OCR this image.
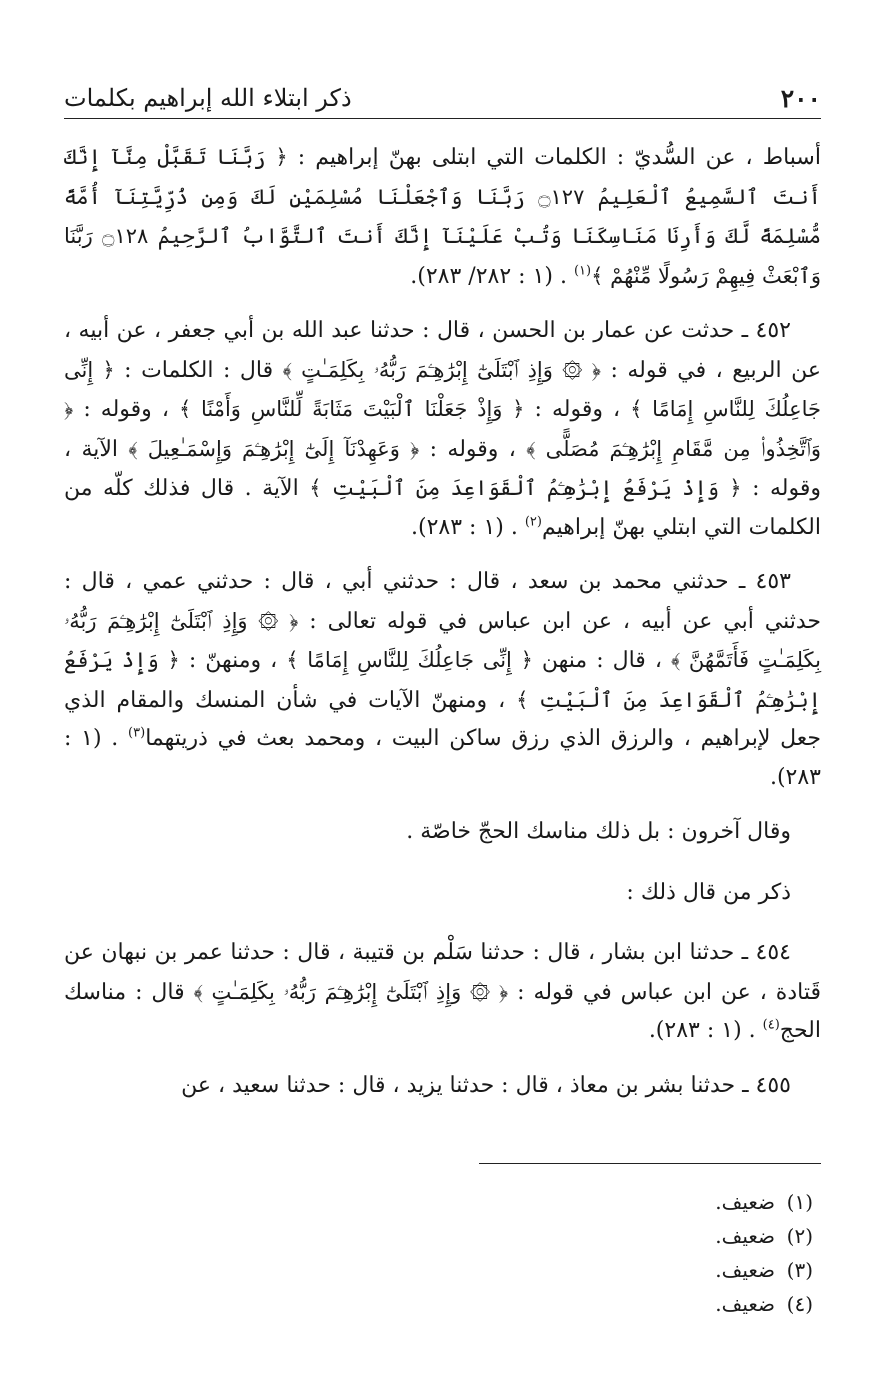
٢٠٠
ذكر ابتلاء الله إبراهيم بكلمات

أسباط ، عن السُّديّ : الكلمات التي ابتلى بهنّ إبراهيم : ﴿ رَبَّنَا تَقَبَّلْ مِنَّآ إِنَّكَ أَنتَ ٱلسَّمِيعُ ٱلْعَلِيمُ ۝١٢٧ رَبَّنَا وَٱجْعَلْنَا مُسْلِمَيْنِ لَكَ وَمِن ذُرِّيَّتِنَآ أُمَّةً مُّسْلِمَةً لَّكَ وَأَرِنَا مَنَاسِكَنَا وَتُبْ عَلَيْنَآ إِنَّكَ أَنتَ ٱلتَّوَّابُ ٱلرَّحِيمُ ۝١٢٨ رَبَّنَا وَٱبْعَثْ فِيهِمْ رَسُولًا مِّنْهُمْ ﴾$^{(١)}$ . (١ : ٢٨٢/ ٢٨٣).

٤٥٢ ـ حدثت عن عمار بن الحسن ، قال : حدثنا عبد الله بن أبي جعفر ، عن أبيه ، عن الربيع ، في قوله : ﴿ ۞ وَإِذِ ٱبْتَلَىٰٓ إِبْرَٰهِـۧمَ رَبُّهُۥ بِكَلِمَـٰتٍ ﴾ قال : الكلمات : ﴿ إِنِّى جَاعِلُكَ لِلنَّاسِ إِمَامًا ﴾ ، وقوله : ﴿ وَإِذْ جَعَلْنَا ٱلْبَيْتَ مَثَابَةً لِّلنَّاسِ وَأَمْنًا ﴾ ، وقوله : ﴿ وَٱتَّخِذُوا۟ مِن مَّقَامِ إِبْرَٰهِـۧمَ مُصَلًّى ﴾ ، وقوله : ﴿ وَعَهِدْنَآ إِلَىٰٓ إِبْرَٰهِـۧمَ وَإِسْمَـٰعِيلَ ﴾ الآية ، وقوله : ﴿ وَإِذْ يَرْفَعُ إِبْرَٰهِـۧمُ ٱلْقَوَاعِدَ مِنَ ٱلْبَيْتِ ﴾ الآية . قال فذلك كلّه من الكلمات التي ابتلي بهنّ إبراهيم$^{(٢)}$ . (١ : ٢٨٣).

٤٥٣ ـ حدثني محمد بن سعد ، قال : حدثني أبي ، قال : حدثني عمي ، قال : حدثني أبي عن أبيه ، عن ابن عباس في قوله تعالى : ﴿ ۞ وَإِذِ ٱبْتَلَىٰٓ إِبْرَٰهِـۧمَ رَبُّهُۥ بِكَلِمَـٰتٍ فَأَتَمَّهُنَّ ﴾ ، قال : منهن ﴿ إِنِّى جَاعِلُكَ لِلنَّاسِ إِمَامًا ﴾ ، ومنهنّ : ﴿ وَإِذْ يَرْفَعُ إِبْرَٰهِـۧمُ ٱلْقَوَاعِدَ مِنَ ٱلْبَيْتِ ﴾ ، ومنهنّ الآيات في شأن المنسك والمقام الذي جعل لإبراهيم ، والرزق الذي رزق ساكن البيت ، ومحمد بعث في ذريتهما$^{(٣)}$ . (١ : ٢٨٣).

وقال آخرون : بل ذلك مناسك الحجّ خاصّة .

ذكر من قال ذلك :

٤٥٤ ـ حدثنا ابن بشار ، قال : حدثنا سَلْم بن قتيبة ، قال : حدثنا عمر بن نبهان عن قَتادة ، عن ابن عباس في قوله : ﴿ ۞ وَإِذِ ٱبْتَلَىٰٓ إِبْرَٰهِـۧمَ رَبُّهُۥ بِكَلِمَـٰتٍ ﴾ قال : مناسك الحج$^{(٤)}$ . (١ : ٢٨٣).

٤٥٥ ـ حدثنا بشر بن معاذ ، قال : حدثنا يزيد ، قال : حدثنا سعيد ، عن

(١)ضعيف.
(٢)ضعيف.
(٣)ضعيف.
(٤)ضعيف.
